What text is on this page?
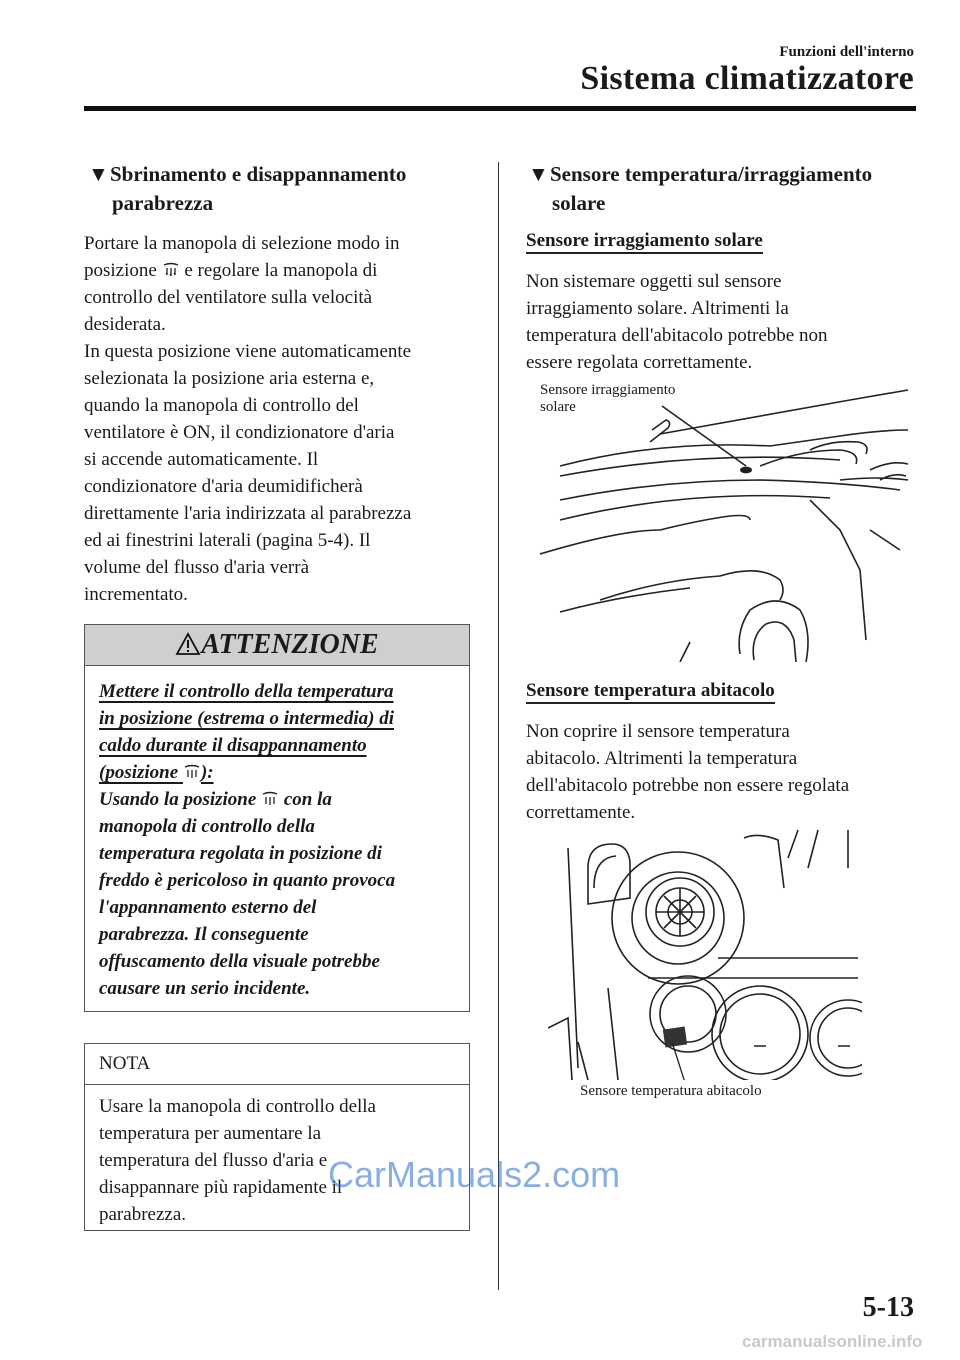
Funzioni dell'interno
Sistema climatizzatore
▼Sbrinamento e disappannamento
parabrezza
Portare la manopola di selezione modo in
posizione e regolare la manopola di
controllo del ventilatore sulla velocità
desiderata.
In questa posizione viene automaticamente
selezionata la posizione aria esterna e,
quando la manopola di controllo del
ventilatore è ON, il condizionatore d'aria
si accende automaticamente. Il
condizionatore d'aria deumidificherà
direttamente l'aria indirizzata al parabrezza
ed ai finestrini laterali (pagina 5-4). Il
volume del flusso d'aria verrà
incrementato.
ATTENZIONE
Mettere il controllo della temperatura
in posizione (estrema o intermedia) di
caldo durante il disappannamento
(posizione ):
Usando la posizione con la
manopola di controllo della
temperatura regolata in posizione di
freddo è pericoloso in quanto provoca
l'appannamento esterno del
parabrezza. Il conseguente
offuscamento della visuale potrebbe
causare un serio incidente.
NOTA
Usare la manopola di controllo della
temperatura per aumentare la
temperatura del flusso d'aria e
disappannare più rapidamente il
parabrezza.
▼Sensore temperatura/irraggiamento
solare
Sensore irraggiamento solare
Non sistemare oggetti sul sensore
irraggiamento solare. Altrimenti la
temperatura dell'abitacolo potrebbe non
essere regolata correttamente.
Sensore irraggiamento
solare
Sensore temperatura abitacolo
Non coprire il sensore temperatura
abitacolo. Altrimenti la temperatura
dell'abitacolo potrebbe non essere regolata
correttamente.
Sensore temperatura abitacolo
5-13
CarManuals2.com
carmanualsonline.info
